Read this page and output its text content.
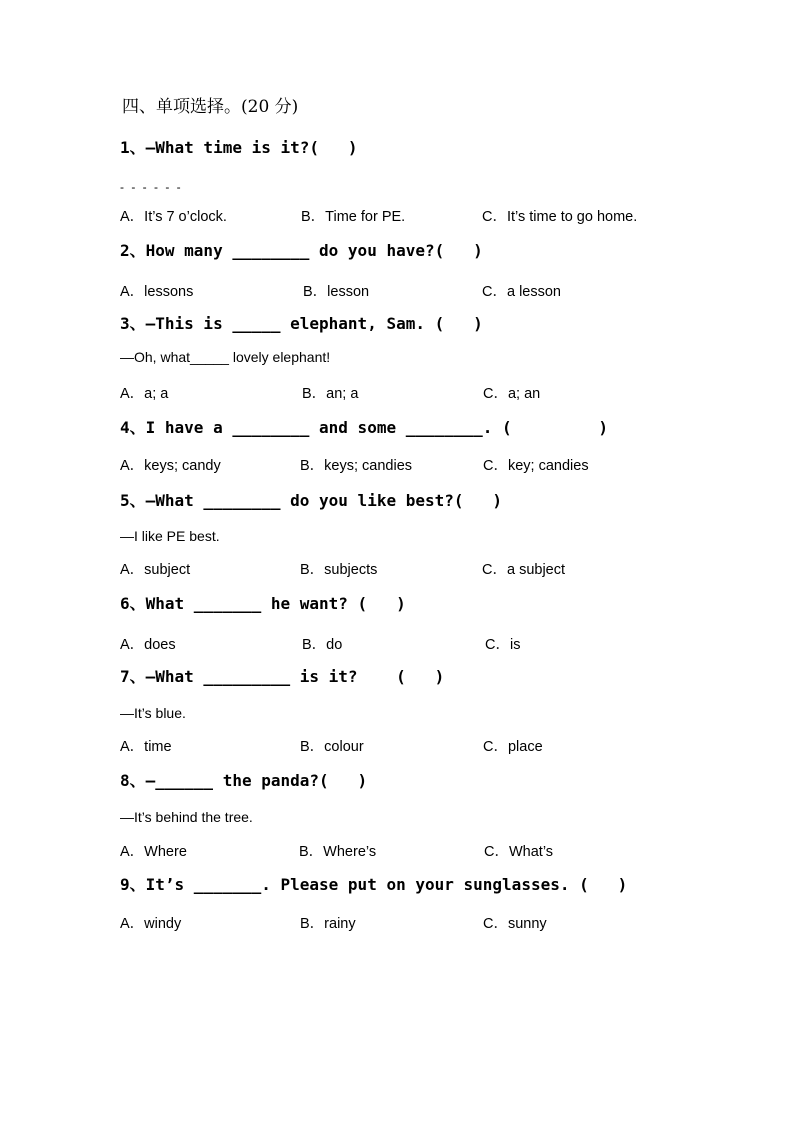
四、单项选择。(20 分)
1、—What time is it?(   )
- - - - - -
A．It’s 7 o’clock.	B．Time for PE.	C．It’s time to go home.
2、How many ________ do you have?(   )
A．lessons	B．lesson	C．a lesson
3、—This is _____ elephant, Sam. (   )
—Oh, what_____ lovely elephant!
A．a; a	B．an; a	C．a; an
4、I have a ________ and some ________. (         )
A．keys; candy	B．keys; candies	C．key; candies
5、—What ________ do you like best?(   )
—I like PE best.
A．subject	B．subjects	C．a subject
6、What _______ he want? (   )
A．does	B．do	C．is
7、—What _________ is it?    (   )
—It’s blue.
A．time	B．colour	C．place
8、—______ the panda?(   )
—It’s behind the tree.
A．Where	B．Where’s	C．What’s
9、It’s _______. Please put on your sunglasses. (   )
A．windy	B．rainy	C．sunny
